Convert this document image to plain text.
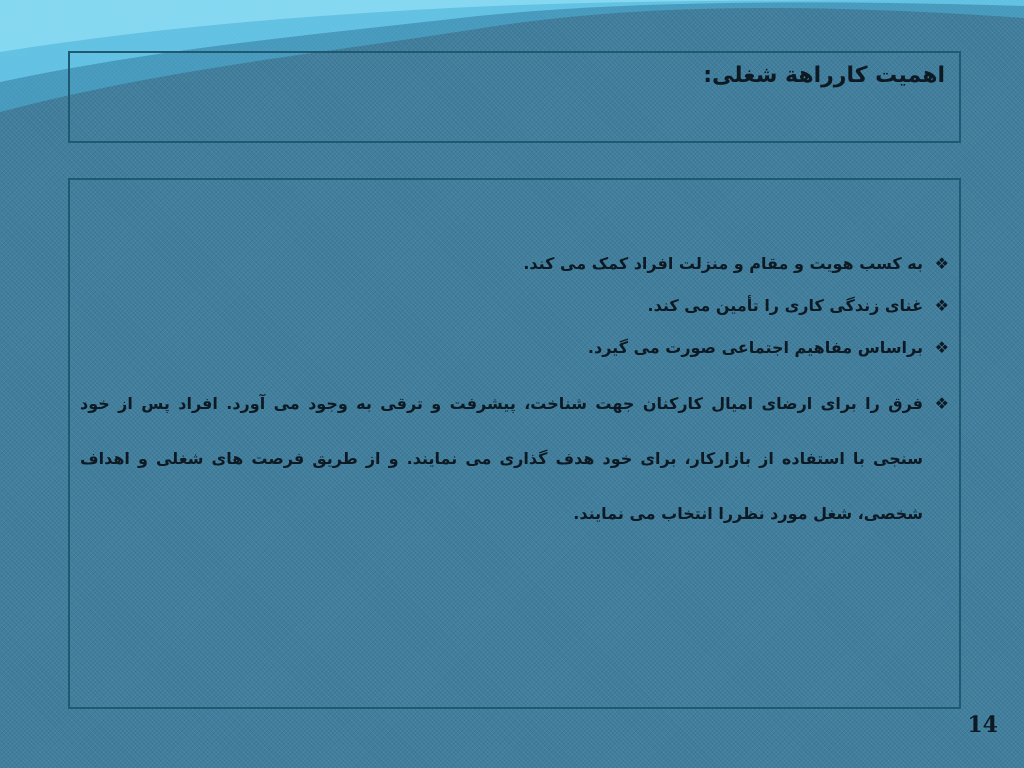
اهمیت کارراهة شغلی:
❖
به کسب هویت و مقام و منزلت افراد کمک می کند.
❖
غنای زندگی کاری را تأمین می کند.
❖
براساس مفاهیم اجتماعی صورت می گیرد.
❖
فرق را برای ارضای امیال کارکنان جهت شناخت، پیشرفت و ترقی به وجود می آورد. افراد پس از خود سنجی با استفاده از بازارکار، برای خود هدف گذاری می نمایند. و از طریق فرصت های شغلی و اهداف شخصی، شغل مورد نظررا انتخاب می نمایند.
14
